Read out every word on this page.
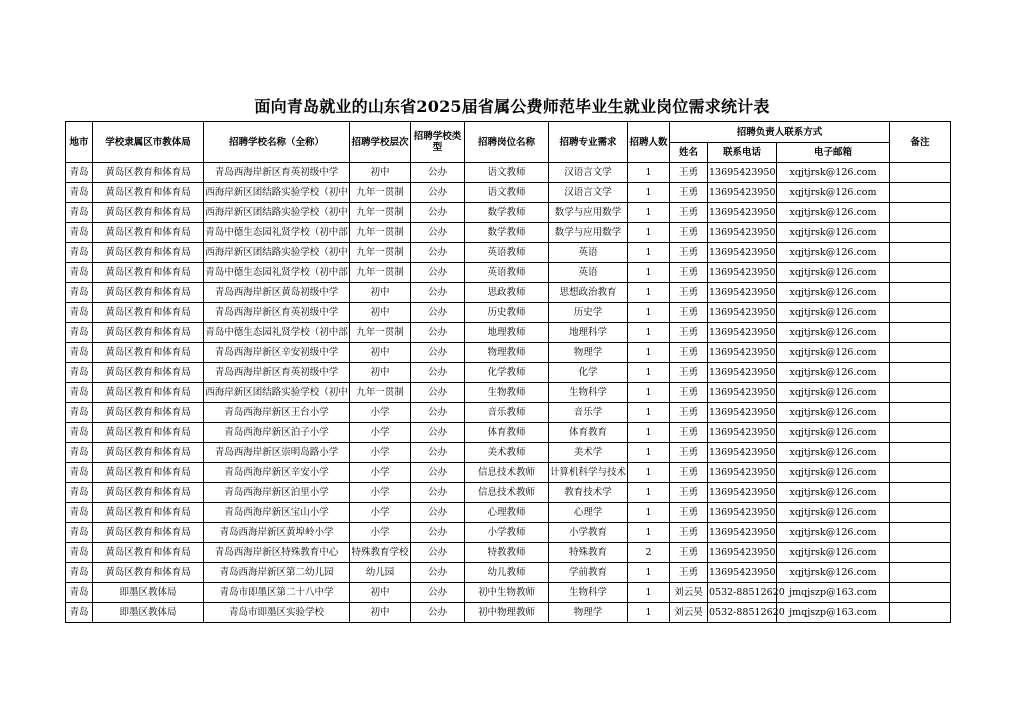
面向青岛就业的山东省2025届省属公费师范毕业生就业岗位需求统计表
地市	学校隶属区市教体局	招聘学校名称（全称）	招聘学校层次	招聘学校类型	招聘岗位名称	招聘专业需求	招聘人数	招聘负责人联系方式			备注
								姓名	联系电话	电子邮箱	
青岛	黄岛区教育和体育局	青岛西海岸新区育英初级中学	初中	公办	语文教师	汉语言文学	1	王勇	13695423950	xqjtjrsk@126.com	
青岛	黄岛区教育和体育局	西海岸新区团结路实验学校（初中	九年一贯制	公办	语文教师	汉语言文学	1	王勇	13695423950	xqjtjrsk@126.com	
青岛	黄岛区教育和体育局	西海岸新区团结路实验学校（初中	九年一贯制	公办	数学教师	数学与应用数学	1	王勇	13695423950	xqjtjrsk@126.com	
青岛	黄岛区教育和体育局	青岛中德生态园礼贤学校（初中部	九年一贯制	公办	数学教师	数学与应用数学	1	王勇	13695423950	xqjtjrsk@126.com	
青岛	黄岛区教育和体育局	西海岸新区团结路实验学校（初中	九年一贯制	公办	英语教师	英语	1	王勇	13695423950	xqjtjrsk@126.com	
青岛	黄岛区教育和体育局	青岛中德生态园礼贤学校（初中部	九年一贯制	公办	英语教师	英语	1	王勇	13695423950	xqjtjrsk@126.com	
青岛	黄岛区教育和体育局	青岛西海岸新区黄岛初级中学	初中	公办	思政教师	思想政治教育	1	王勇	13695423950	xqjtjrsk@126.com	
青岛	黄岛区教育和体育局	青岛西海岸新区育英初级中学	初中	公办	历史教师	历史学	1	王勇	13695423950	xqjtjrsk@126.com	
青岛	黄岛区教育和体育局	青岛中德生态园礼贤学校（初中部	九年一贯制	公办	地理教师	地理科学	1	王勇	13695423950	xqjtjrsk@126.com	
青岛	黄岛区教育和体育局	青岛西海岸新区辛安初级中学	初中	公办	物理教师	物理学	1	王勇	13695423950	xqjtjrsk@126.com	
青岛	黄岛区教育和体育局	青岛西海岸新区育英初级中学	初中	公办	化学教师	化学	1	王勇	13695423950	xqjtjrsk@126.com	
青岛	黄岛区教育和体育局	西海岸新区团结路实验学校（初中	九年一贯制	公办	生物教师	生物科学	1	王勇	13695423950	xqjtjrsk@126.com	
青岛	黄岛区教育和体育局	青岛西海岸新区王台小学	小学	公办	音乐教师	音乐学	1	王勇	13695423950	xqjtjrsk@126.com	
青岛	黄岛区教育和体育局	青岛西海岸新区泊子小学	小学	公办	体育教师	体育教育	1	王勇	13695423950	xqjtjrsk@126.com	
青岛	黄岛区教育和体育局	青岛西海岸新区崇明岛路小学	小学	公办	美术教师	美术学	1	王勇	13695423950	xqjtjrsk@126.com	
青岛	黄岛区教育和体育局	青岛西海岸新区辛安小学	小学	公办	信息技术教师	计算机科学与技术	1	王勇	13695423950	xqjtjrsk@126.com	
青岛	黄岛区教育和体育局	青岛西海岸新区泊里小学	小学	公办	信息技术教师	教育技术学	1	王勇	13695423950	xqjtjrsk@126.com	
青岛	黄岛区教育和体育局	青岛西海岸新区宝山小学	小学	公办	心理教师	心理学	1	王勇	13695423950	xqjtjrsk@126.com	
青岛	黄岛区教育和体育局	青岛西海岸新区黄埠岭小学	小学	公办	小学教师	小学教育	1	王勇	13695423950	xqjtjrsk@126.com	
青岛	黄岛区教育和体育局	青岛西海岸新区特殊教育中心	特殊教育学校	公办	特教教师	特殊教育	2	王勇	13695423950	xqjtjrsk@126.com	
青岛	黄岛区教育和体育局	青岛西海岸新区第二幼儿园	幼儿园	公办	幼儿教师	学前教育	1	王勇	13695423950	xqjtjrsk@126.com	
青岛	即墨区教体局	青岛市即墨区第二十八中学	初中	公办	初中生物教师	生物科学	1	刘云昊	0532-88512620	jmqjszp@163.com	
青岛	即墨区教体局	青岛市即墨区实验学校	初中	公办	初中物理教师	物理学	1	刘云昊	0532-88512620	jmqjszp@163.com	
